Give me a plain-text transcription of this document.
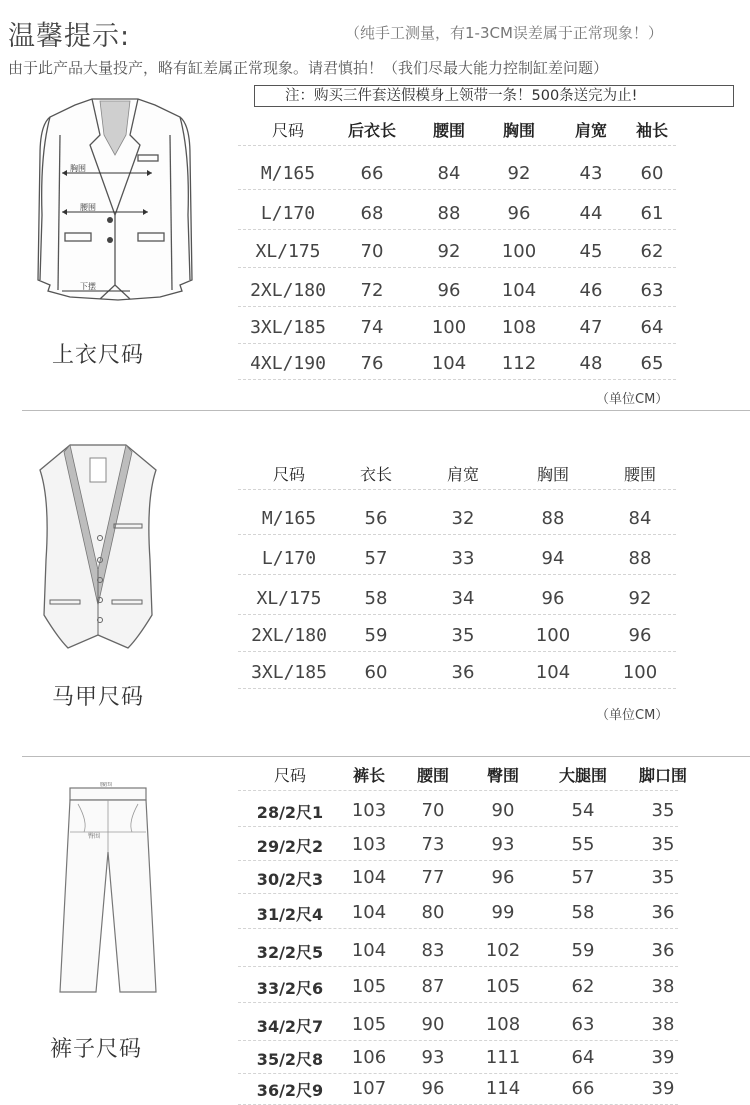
温馨提示:	（纯手工测量，有1-3CM误差属于正常现象！）
由于此产品大量投产，略有缸差属正常现象。请君慎拍！（我们尽最大能力控制缸差问题）
注：购买三件套送假模身上领带一条！500条送完为止!
胸围
腰围
下摆
上衣尺码
尺码	后衣长 腰围 胸围 肩宽 袖长
M/165	66	84	92	43 60
L/170	68	88	96	44 61
XL/175 70	92 100 45 62
2XL/180 72	96 104 46 63
3XL/185 74	100 108 47 64
4XL/190 76	104 112 48 65
（单位CM）
马甲尺码
尺码	衣长	肩宽	胸围	腰围
M/165	56	32	88	84
L/170	57	33	94	88
XL/175 58	34	96	92
2XL/180 59	35	100	96
3XL/185 60	36	104	100
（单位CM）
腰围
臀围
裤子尺码
尺码	裤长 腰围 臀围 大腿围 脚口围
28/2尺1 103 70	90	54	35
29/2尺2 103 73	93	55	35
30/2尺3 104 77	96	57	35
31/2尺4 104 80	99	58	36
32/2尺5 104 83 102	59	36
33/2尺6 105 87 105	62	38
34/2尺7 105 90 108	63	38
35/2尺8 106 93 111	64	39
36/2尺9 107 96 114	66	39
